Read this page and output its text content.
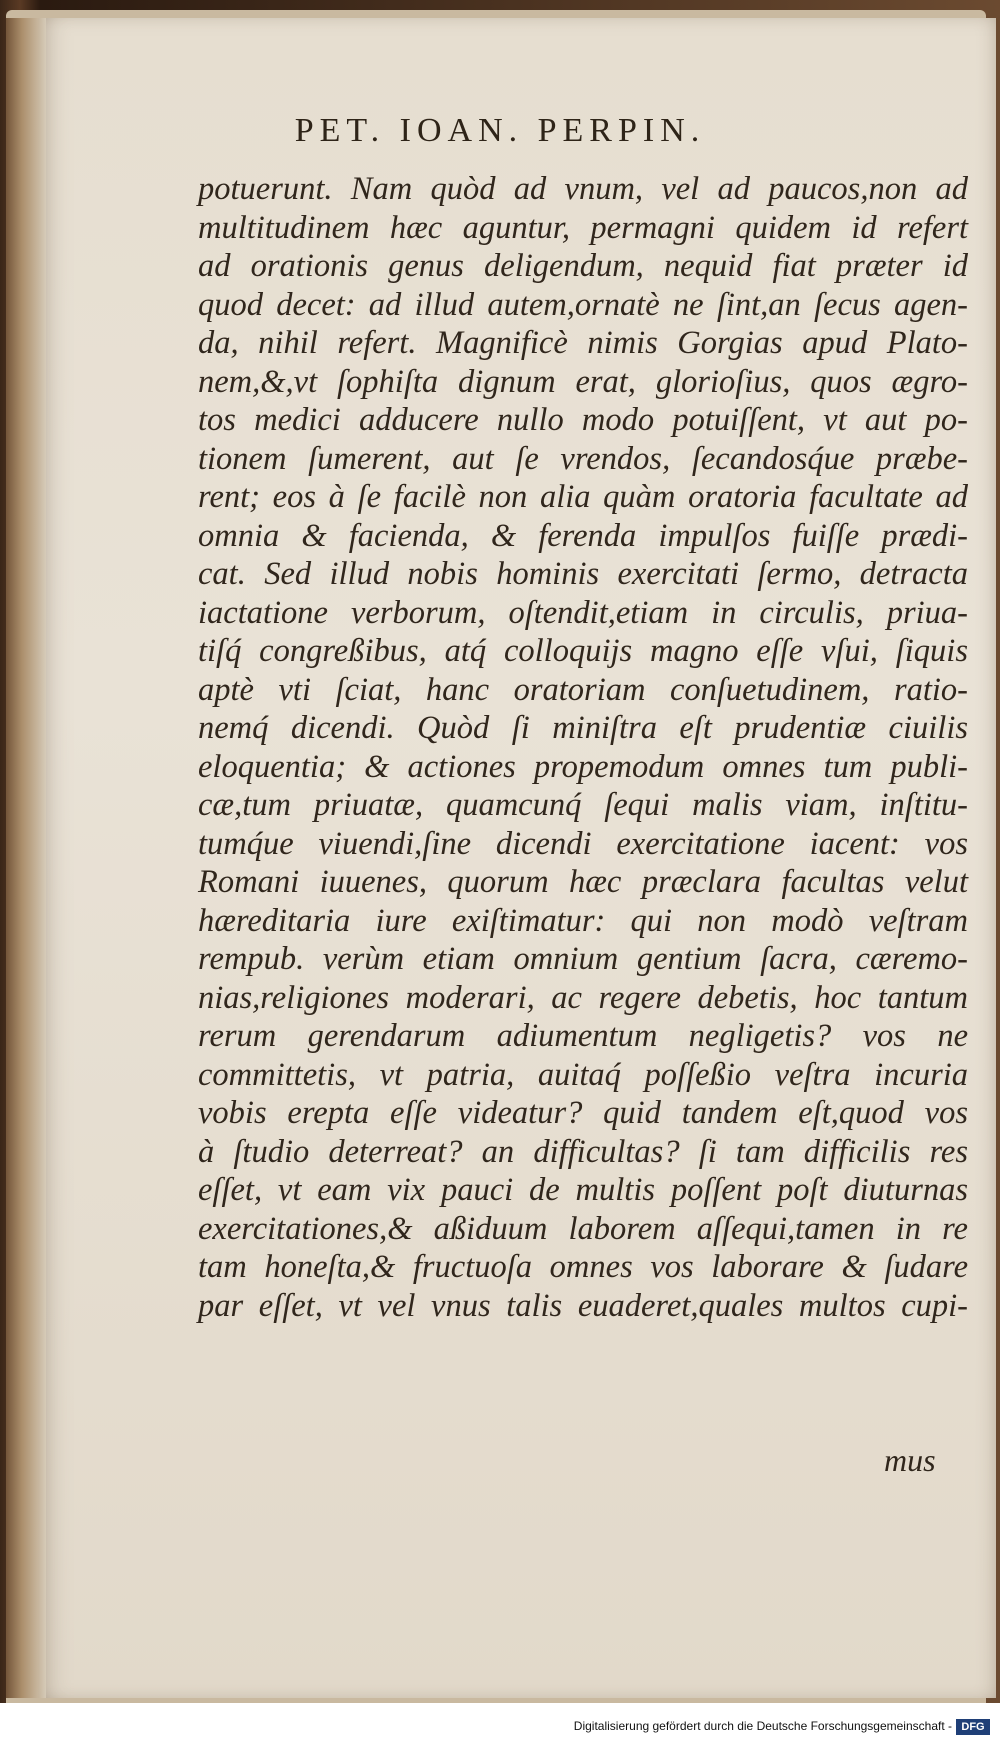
PET. IOAN. PERPIN.
potuerunt. Nam quòd ad vnum, vel ad paucos,non ad
multitudinem hæc aguntur, permagni quidem id refert
ad orationis genus deligendum, nequid fiat præter id
quod decet: ad illud autem,ornatè ne ſint,an ſecus agen-
da, nihil refert. Magnificè nimis Gorgias apud Plato-
nem,&,vt ſophiſta dignum erat, glorioſius, quos ægro-
tos medici adducere nullo modo potuiſſent, vt aut po-
tionem ſumerent, aut ſe vrendos, ſecandosq́ue præbe-
rent; eos à ſe facilè non alia quàm oratoria facultate ad
omnia & facienda, & ferenda impulſos fuiſſe prædi-
cat. Sed illud nobis hominis exercitati ſermo, detracta
iactatione verborum, oſtendit,etiam in circulis, priua-
tiſq́ congreßibus, atq́ colloquijs magno eſſe vſui, ſiquis
aptè vti ſciat, hanc oratoriam conſuetudinem, ratio-
nemq́ dicendi. Quòd ſi miniſtra eſt prudentiæ ciuilis
eloquentia; & actiones propemodum omnes tum publi-
cæ,tum priuatæ, quamcunq́ ſequi malis viam, inſtitu-
tumq́ue viuendi,ſine dicendi exercitatione iacent: vos
Romani iuuenes, quorum hæc præclara facultas velut
hæreditaria iure exiſtimatur: qui non modò veſtram
rempub. verùm etiam omnium gentium ſacra, cæremo-
nias,religiones moderari, ac regere debetis, hoc tantum
rerum gerendarum adiumentum negligetis? vos ne
committetis, vt patria, auitaq́ poſſeßio veſtra incuria
vobis erepta eſſe videatur? quid tandem eſt,quod vos
à ſtudio deterreat? an difficultas? ſi tam difficilis res
eſſet, vt eam vix pauci de multis poſſent poſt diuturnas
exercitationes,& aßiduum laborem aſſequi,tamen in re
tam honeſta,& fructuoſa omnes vos laborare & ſudare
par eſſet, vt vel vnus talis euaderet,quales multos cupi-
mus
Digitalisierung gefördert durch die Deutsche Forschungsgemeinschaft - DFG
